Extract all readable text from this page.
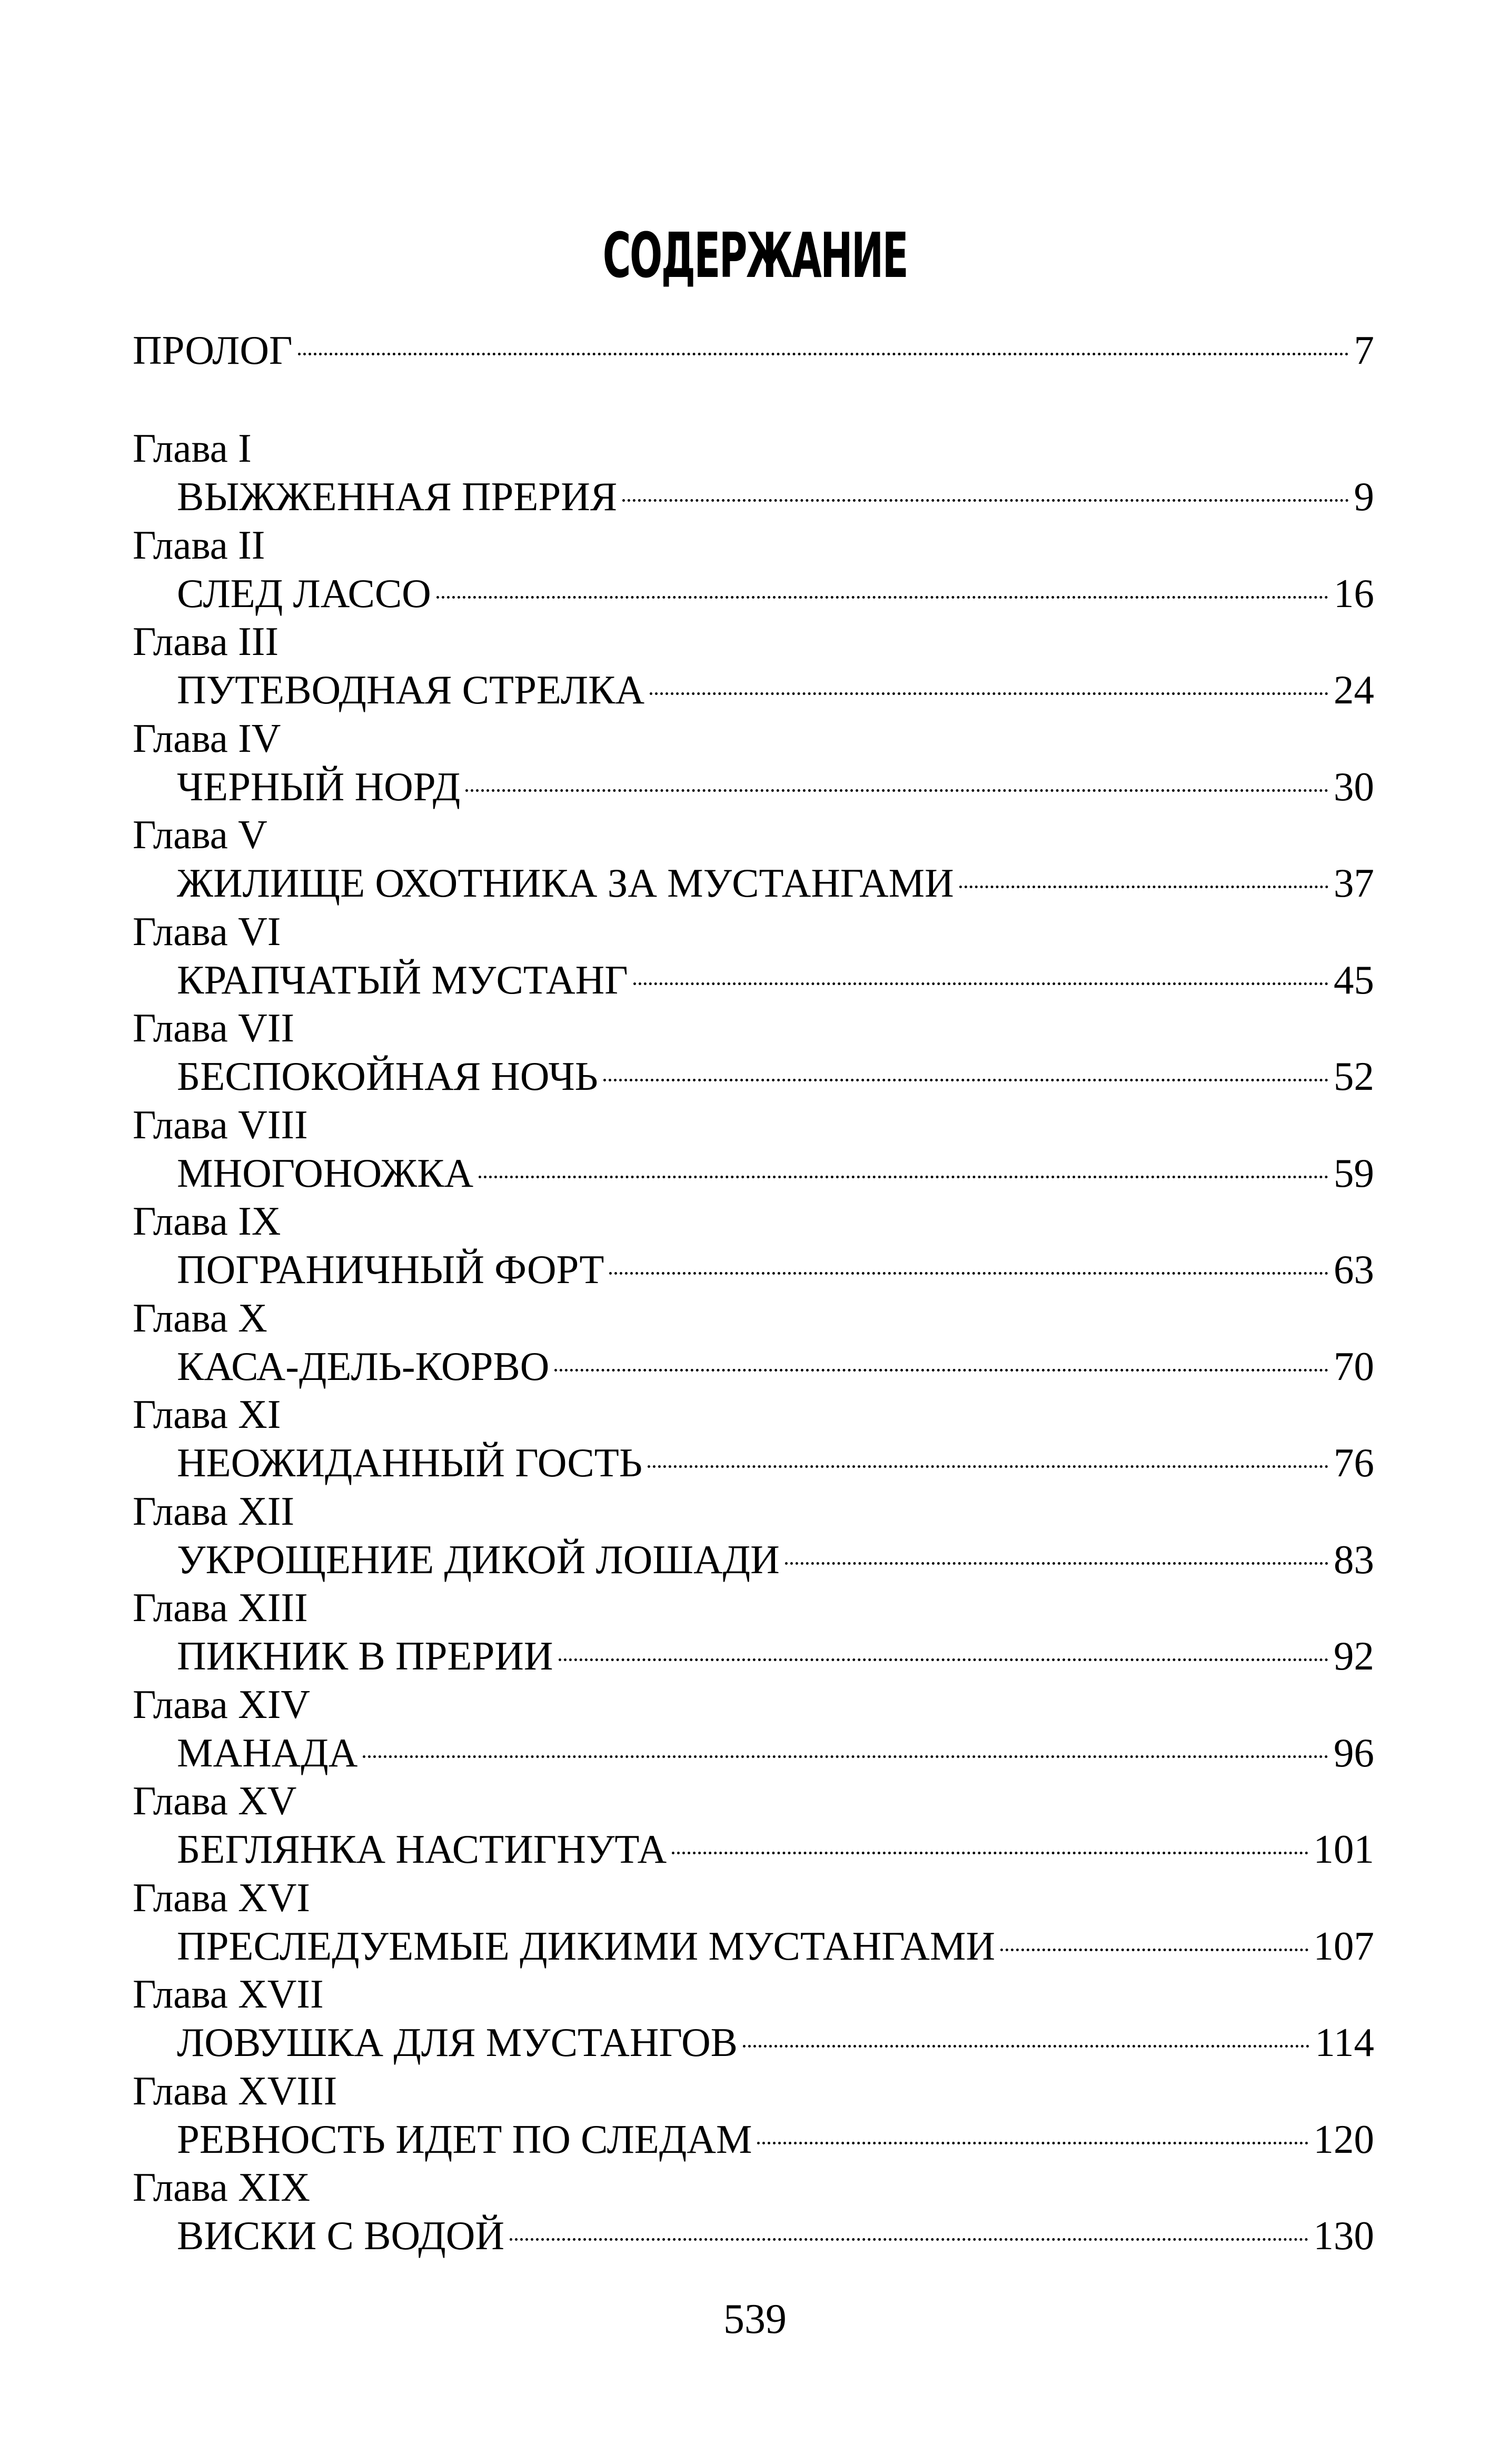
СОДЕРЖАНИЕ
ПРОЛОГ	7
Глава I
ВЫЖЖЕННАЯ ПРЕРИЯ	9
Глава II
СЛЕД ЛАССО	16
Глава III
ПУТЕВОДНАЯ СТРЕЛКА	24
Глава IV
ЧЕРНЫЙ НОРД	30
Глава V
ЖИЛИЩЕ ОХОТНИКА ЗА МУСТАНГАМИ	37
Глава VI
КРАПЧАТЫЙ МУСТАНГ	45
Глава VII
БЕСПОКОЙНАЯ НОЧЬ	52
Глава VIII
МНОГОНОЖКА	59
Глава IX
ПОГРАНИЧНЫЙ ФОРТ	63
Глава X
КАСА-ДЕЛЬ-КОРВО	70
Глава XI
НЕОЖИДАННЫЙ ГОСТЬ	76
Глава XII
УКРОЩЕНИЕ ДИКОЙ ЛОШАДИ	83
Глава XIII
ПИКНИК В ПРЕРИИ	92
Глава XIV
МАНАДА	96
Глава XV
БЕГЛЯНКА НАСТИГНУТА	101
Глава XVI
ПРЕСЛЕДУЕМЫЕ ДИКИМИ МУСТАНГАМИ	107
Глава XVII
ЛОВУШКА ДЛЯ МУСТАНГОВ	114
Глава XVIII
РЕВНОСТЬ ИДЕТ ПО СЛЕДАМ	120
Глава XIX
ВИСКИ С ВОДОЙ	130
539
